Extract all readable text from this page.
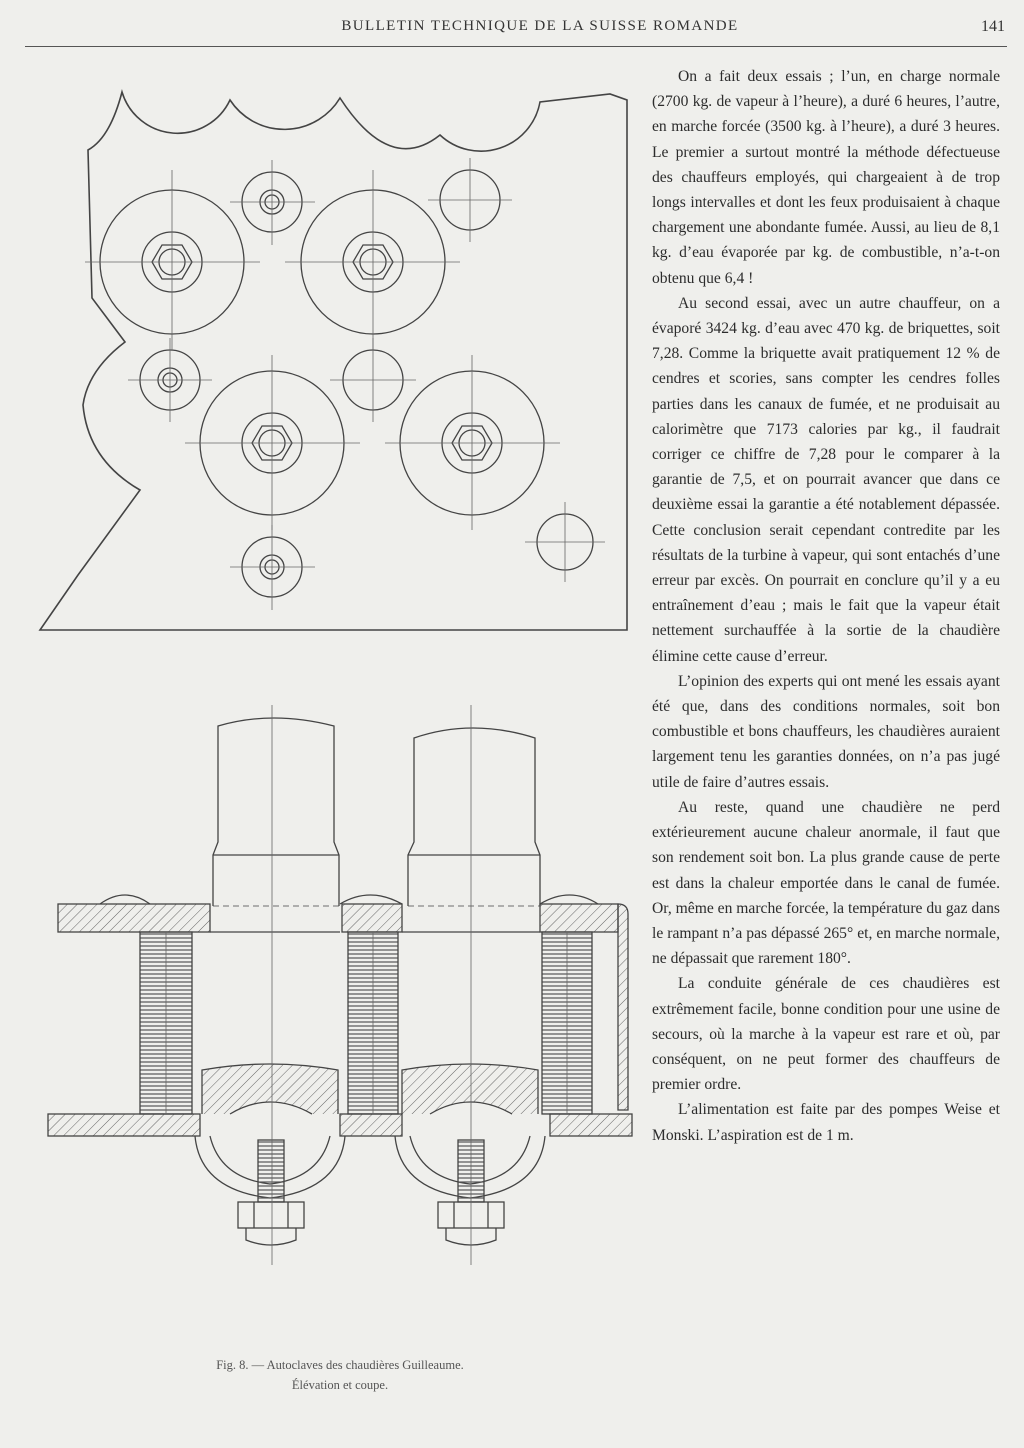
BULLETIN TECHNIQUE DE LA SUISSE ROMANDE	141
Fig. 8. — Autoclaves des chaudières Guilleaume.
Élévation et coupe.

On a fait deux essais ; l’un, en charge normale (2700 kg. de vapeur à l’heure), a duré 6 heures, l’autre, en marche forcée (3500 kg. à l’heure), a duré 3 heures. Le premier a surtout montré la méthode défectueuse des chauffeurs employés, qui chargeaient à de trop longs intervalles et dont les feux produisaient à chaque chargement une abondante fumée. Aussi, au lieu de 8,1 kg. d’eau évaporée par kg. de combustible, n’a-t-on obtenu que 6,4 !

Au second essai, avec un autre chauffeur, on a évaporé 3424 kg. d’eau avec 470 kg. de briquettes, soit 7,28. Comme la briquette avait pratiquement 12 % de cendres et scories, sans compter les cendres folles parties dans les canaux de fumée, et ne produisait au calorimètre que 7173 calories par kg., il faudrait corriger ce chiffre de 7,28 pour le comparer à la garantie de 7,5, et on pourrait avancer que dans ce deuxième essai la garantie a été notablement dépassée. Cette conclusion serait cependant contredite par les résultats de la turbine à vapeur, qui sont entachés d’une erreur par excès. On pourrait en conclure qu’il y a eu entraînement d’eau ; mais le fait que la vapeur était nettement surchauffée à la sortie de la chaudière élimine cette cause d’erreur.

L’opinion des experts qui ont mené les essais ayant été que, dans des conditions normales, soit bon combustible et bons chauffeurs, les chaudières auraient largement tenu les garanties données, on n’a pas jugé utile de faire d’autres essais.

Au reste, quand une chaudière ne perd extérieurement aucune chaleur anormale, il faut que son rendement soit bon. La plus grande cause de perte est dans la chaleur emportée dans le canal de fumée. Or, même en marche forcée, la température du gaz dans le rampant n’a pas dépassé 265° et, en marche normale, ne dépassait que rarement 180°.

La conduite générale de ces chaudières est extrêmement facile, bonne condition pour une usine de secours, où la marche à la vapeur est rare et où, par conséquent, on ne peut former des chauffeurs de premier ordre.

L’alimentation est faite par des pompes Weise et Monski. L’aspiration est de 1 m.
